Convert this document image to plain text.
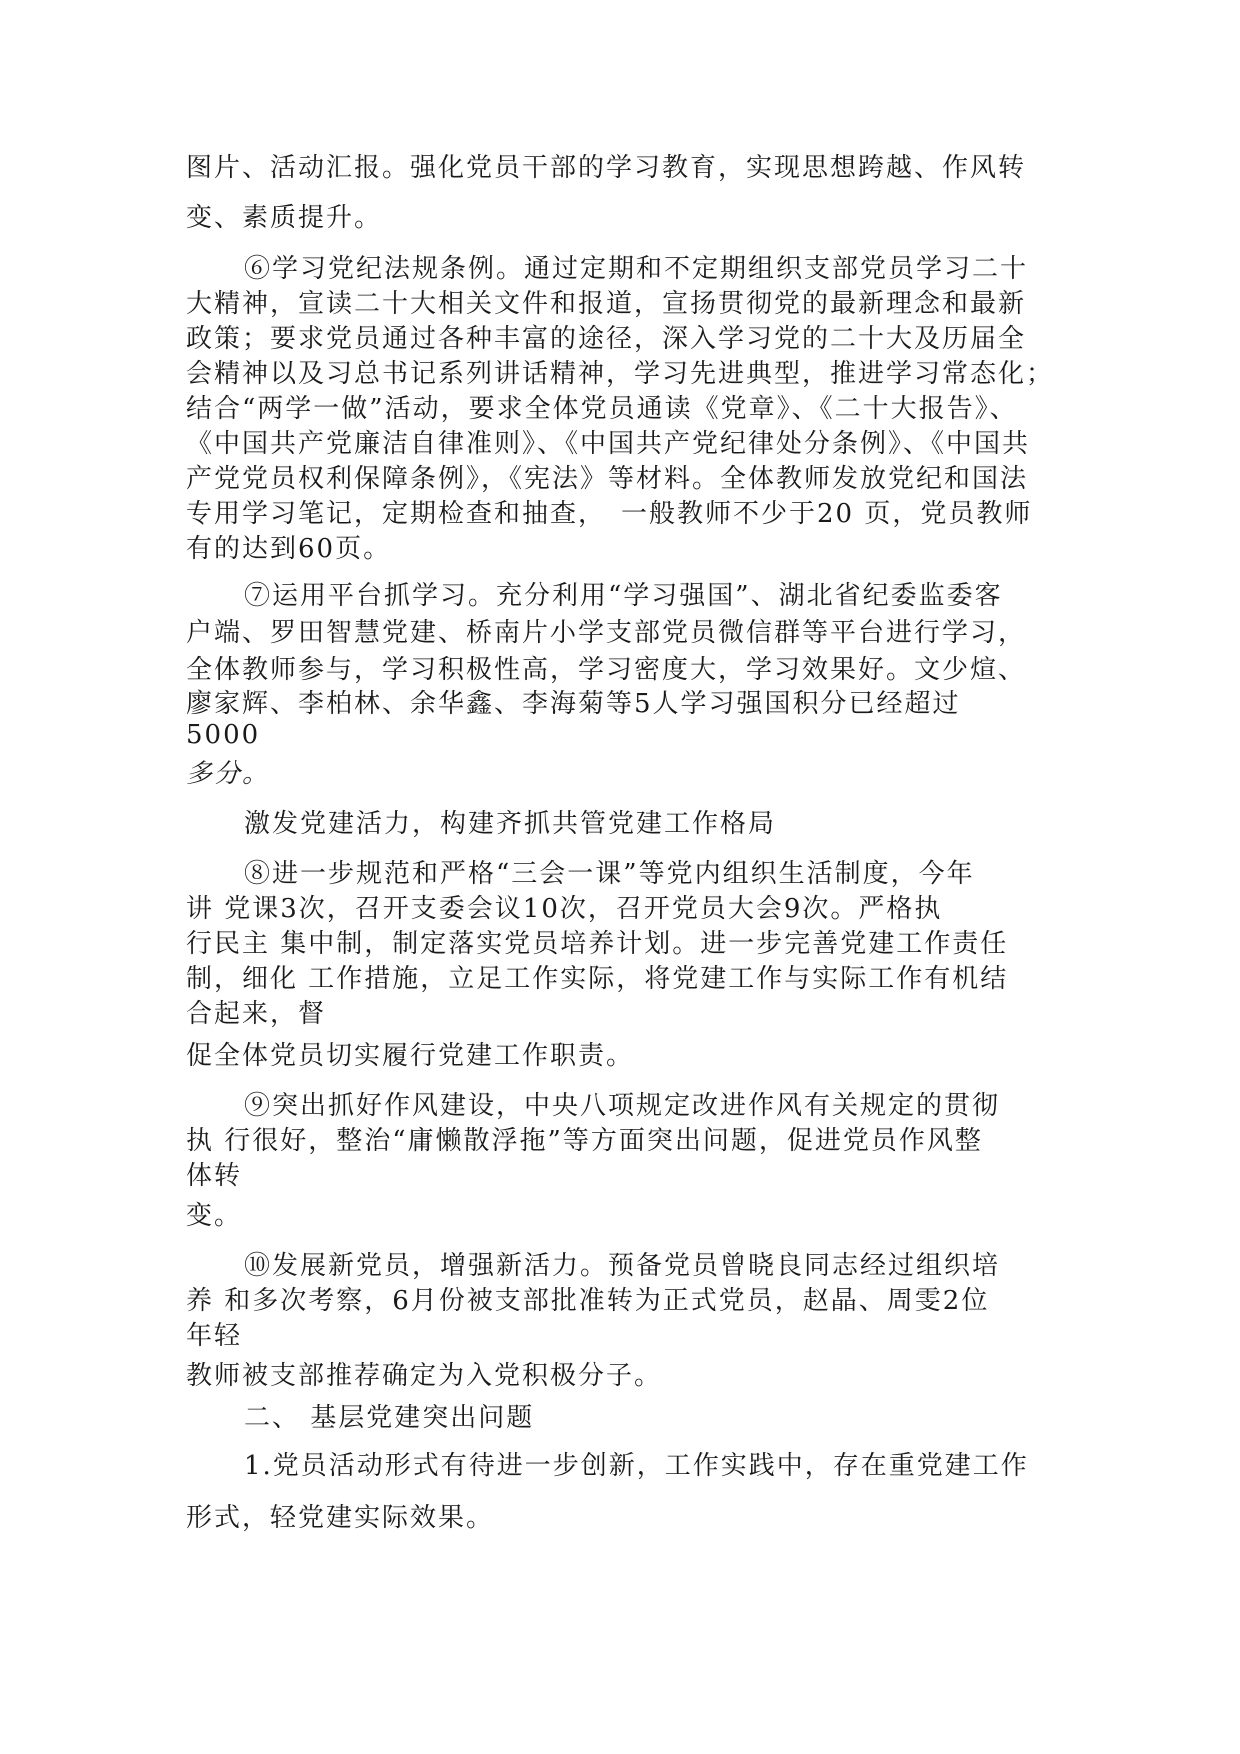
图片、活动汇报。强化党员干部的学习教育，实现思想跨越、作风转
变、素质提升。
⑥学习党纪法规条例。通过定期和不定期组织支部党员学习二十
大精神，宣读二十大相关文件和报道，宣扬贯彻党的最新理念和最新
政策；要求党员通过各种丰富的途径，深入学习党的二十大及历届全
会精神以及习总书记系列讲话精神，学习先进典型，推进学习常态化；
结合“两学一做”活动，要求全体党员通读《党章》、《二十大报告》、
《中国共产党廉洁自律准则》、《中国共产党纪律处分条例》、《中国共
产党党员权利保障条例》，《宪法》等材料。全体教师发放党纪和国法
专用学习笔记，定期检查和抽查，　一般教师不少于20 页，党员教师
有的达到60页。
⑦运用平台抓学习。充分利用“学习强国”、湖北省纪委监委客
户端、罗田智慧党建、桥南片小学支部党员微信群等平台进行学习，
全体教师参与，学习积极性高，学习密度大，学习效果好。文少煊、
廖家辉、李柏林、余华鑫、李海菊等5人学习强国积分已经超过
5000
多分。
激发党建活力，构建齐抓共管党建工作格局
⑧进一步规范和严格“三会一课”等党内组织生活制度，今年
讲 党课3次，召开支委会议10次，召开党员大会9次。严格执
行民主 集中制，制定落实党员培养计划。进一步完善党建工作责任
制，细化 工作措施，立足工作实际，将党建工作与实际工作有机结
合起来，督
促全体党员切实履行党建工作职责。
⑨突出抓好作风建设，中央八项规定改进作风有关规定的贯彻
执 行很好，整治“庸懒散浮拖”等方面突出问题，促进党员作风整
体转
变。
⑩发展新党员，增强新活力。预备党员曾晓良同志经过组织培
养 和多次考察，6月份被支部批准转为正式党员，赵晶、周雯2位
年轻
教师被支部推荐确定为入党积极分子。
二、 基层党建突出问题
1.党员活动形式有待进一步创新，工作实践中，存在重党建工作
形式，轻党建实际效果。
